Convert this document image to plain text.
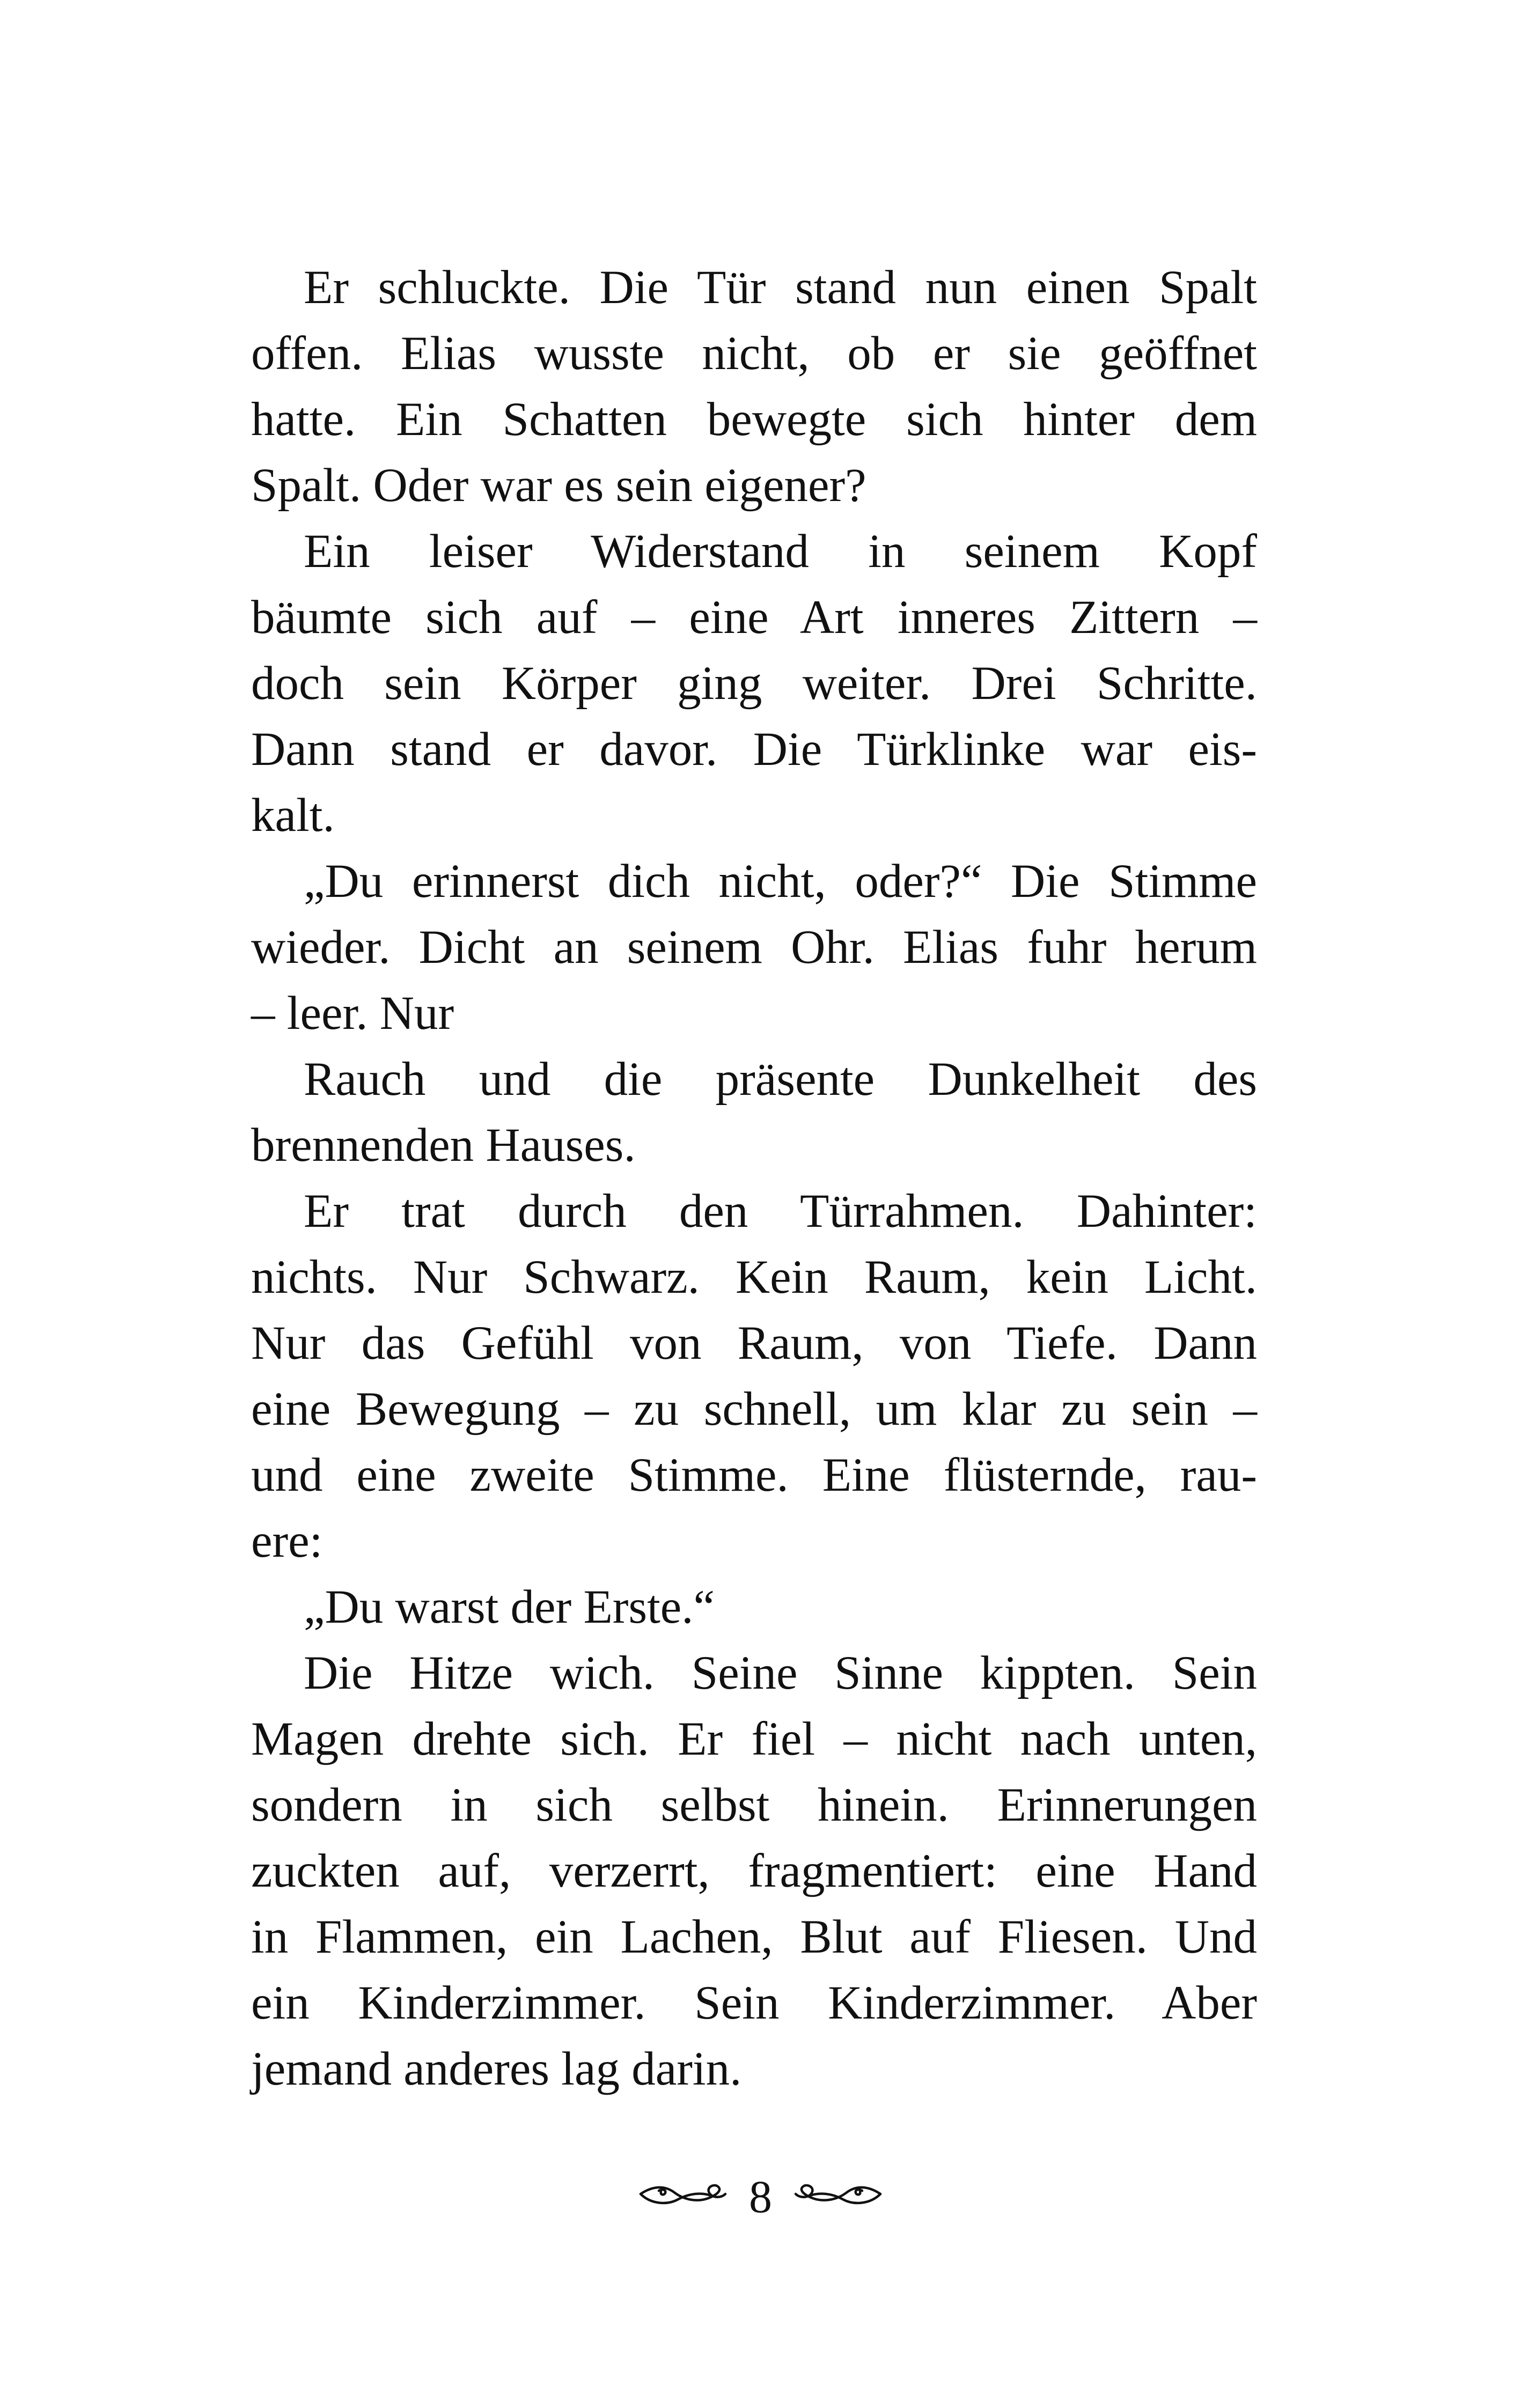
Er schluckte. Die Tür stand nun einen Spalt
offen. Elias wusste nicht, ob er sie geöffnet
hatte. Ein Schatten bewegte sich hinter dem
Spalt. Oder war es sein eigener?
Ein leiser Widerstand in seinem Kopf
bäumte sich auf – eine Art inneres Zittern –
doch sein Körper ging weiter. Drei Schritte.
Dann stand er davor. Die Türklinke war eis-
kalt.
„Du erinnerst dich nicht, oder?“ Die Stimme
wieder. Dicht an seinem Ohr. Elias fuhr herum
– leer. Nur
Rauch und die präsente Dunkelheit des
brennenden Hauses.
Er trat durch den Türrahmen. Dahinter:
nichts. Nur Schwarz. Kein Raum, kein Licht.
Nur das Gefühl von Raum, von Tiefe. Dann
eine Bewegung – zu schnell, um klar zu sein –
und eine zweite Stimme. Eine flüsternde, rau-
ere:
„Du warst der Erste.“
Die Hitze wich. Seine Sinne kippten. Sein
Magen drehte sich. Er fiel – nicht nach unten,
sondern in sich selbst hinein. Erinnerungen
zuckten auf, verzerrt, fragmentiert: eine Hand
in Flammen, ein Lachen, Blut auf Fliesen. Und
ein Kinderzimmer. Sein Kinderzimmer. Aber
jemand anderes lag darin.
8
